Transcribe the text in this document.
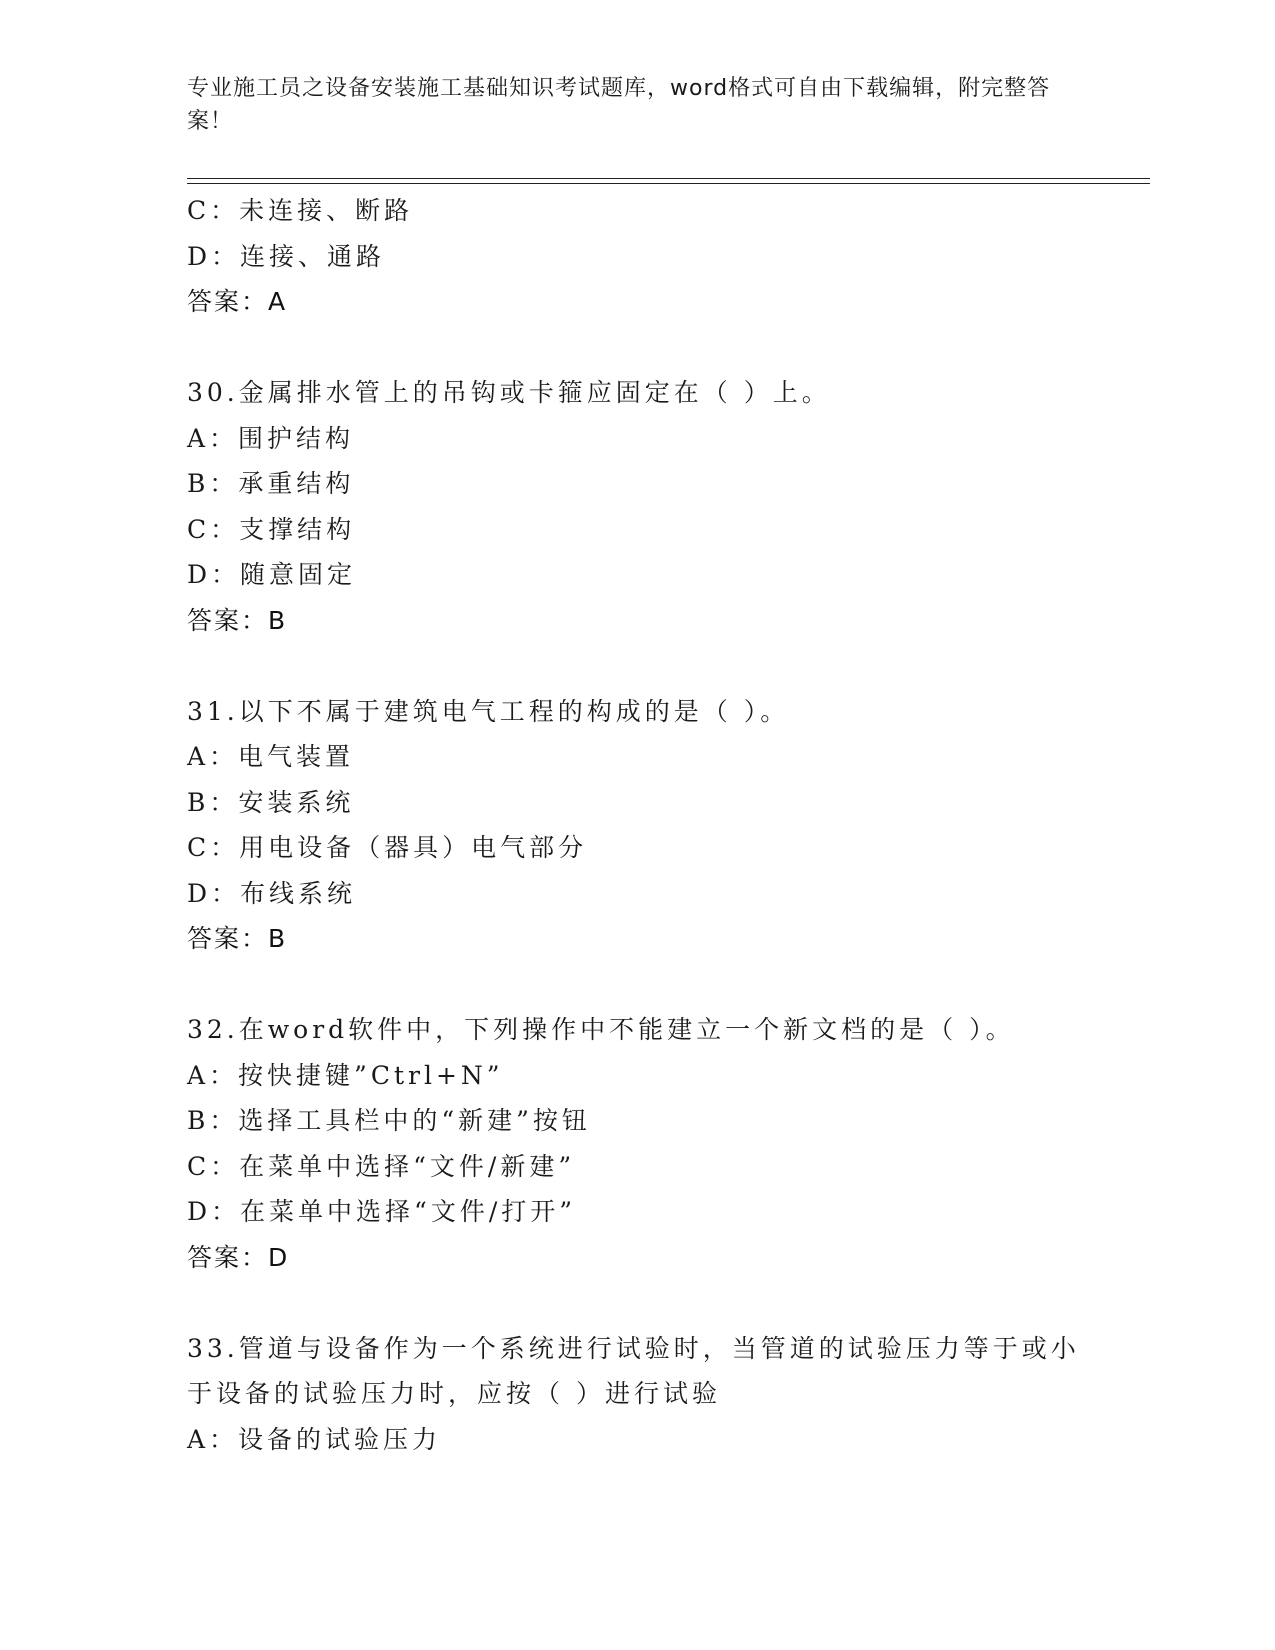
专业施工员之设备安装施工基础知识考试题库，word格式可自由下载编辑，附完整答案！
C：未连接、断路
D：连接、通路
答案：A
30.金属排水管上的吊钩或卡箍应固定在（ ）上。
A：围护结构
B：承重结构
C：支撑结构
D：随意固定
答案：B
31.以下不属于建筑电气工程的构成的是（ ）。
A：电气装置
B：安装系统
C：用电设备（器具）电气部分
D：布线系统
答案：B
32.在word软件中，下列操作中不能建立一个新文档的是（ ）。
A：按快捷键”Ctrl+N”
B：选择工具栏中的“新建”按钮
C：在菜单中选择“文件/新建”
D：在菜单中选择“文件/打开”
答案：D
33.管道与设备作为一个系统进行试验时，当管道的试验压力等于或小
于设备的试验压力时，应按（ ）进行试验
A：设备的试验压力
